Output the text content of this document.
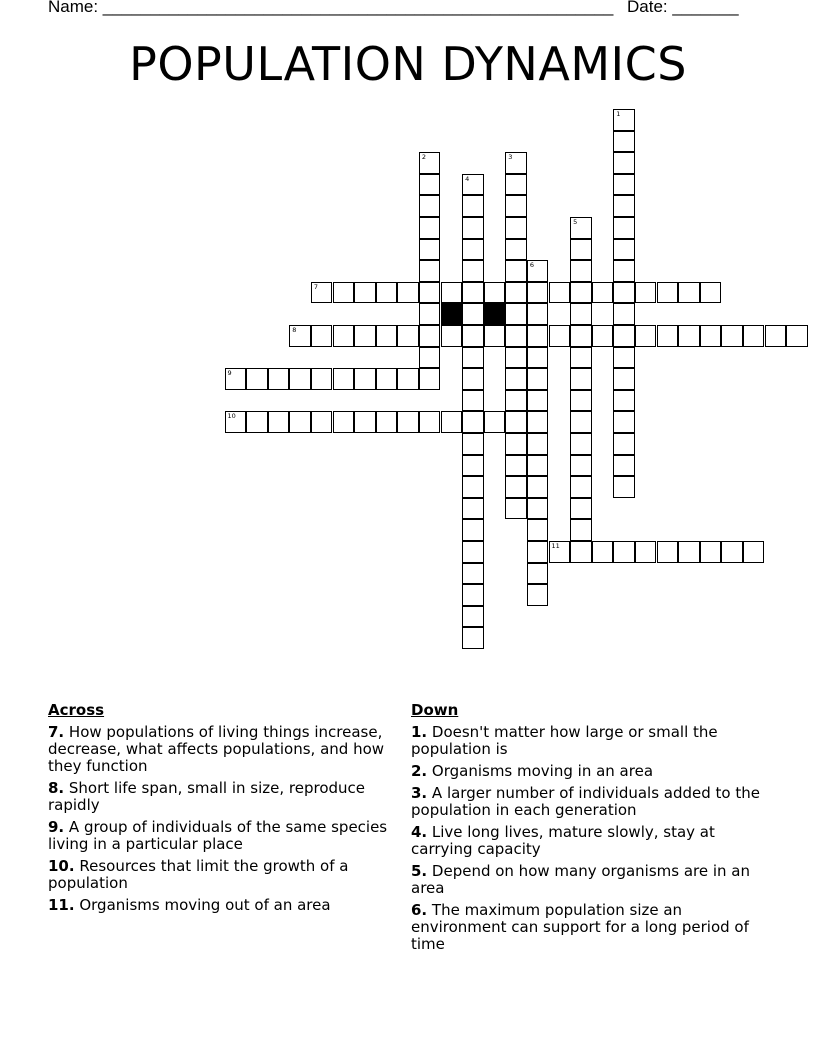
Name: ______________________________________________________ Date: _______
POPULATION DYNAMICS
1
2	3
4
5
6
7
8
9
10
11
Across
7. How populations of living things increase, decrease, what affects populations, and how they function
8. Short life span, small in size, reproduce rapidly
9. A group of individuals of the same species living in a particular place
10. Resources that limit the growth of a population
11. Organisms moving out of an area
Down
1. Doesn't matter how large or small the population is
2. Organisms moving in an area
3. A larger number of individuals added to the population in each generation
4. Live long lives, mature slowly, stay at carrying capacity
5. Depend on how many organisms are in an area
6. The maximum population size an environment can support for a long period of time
